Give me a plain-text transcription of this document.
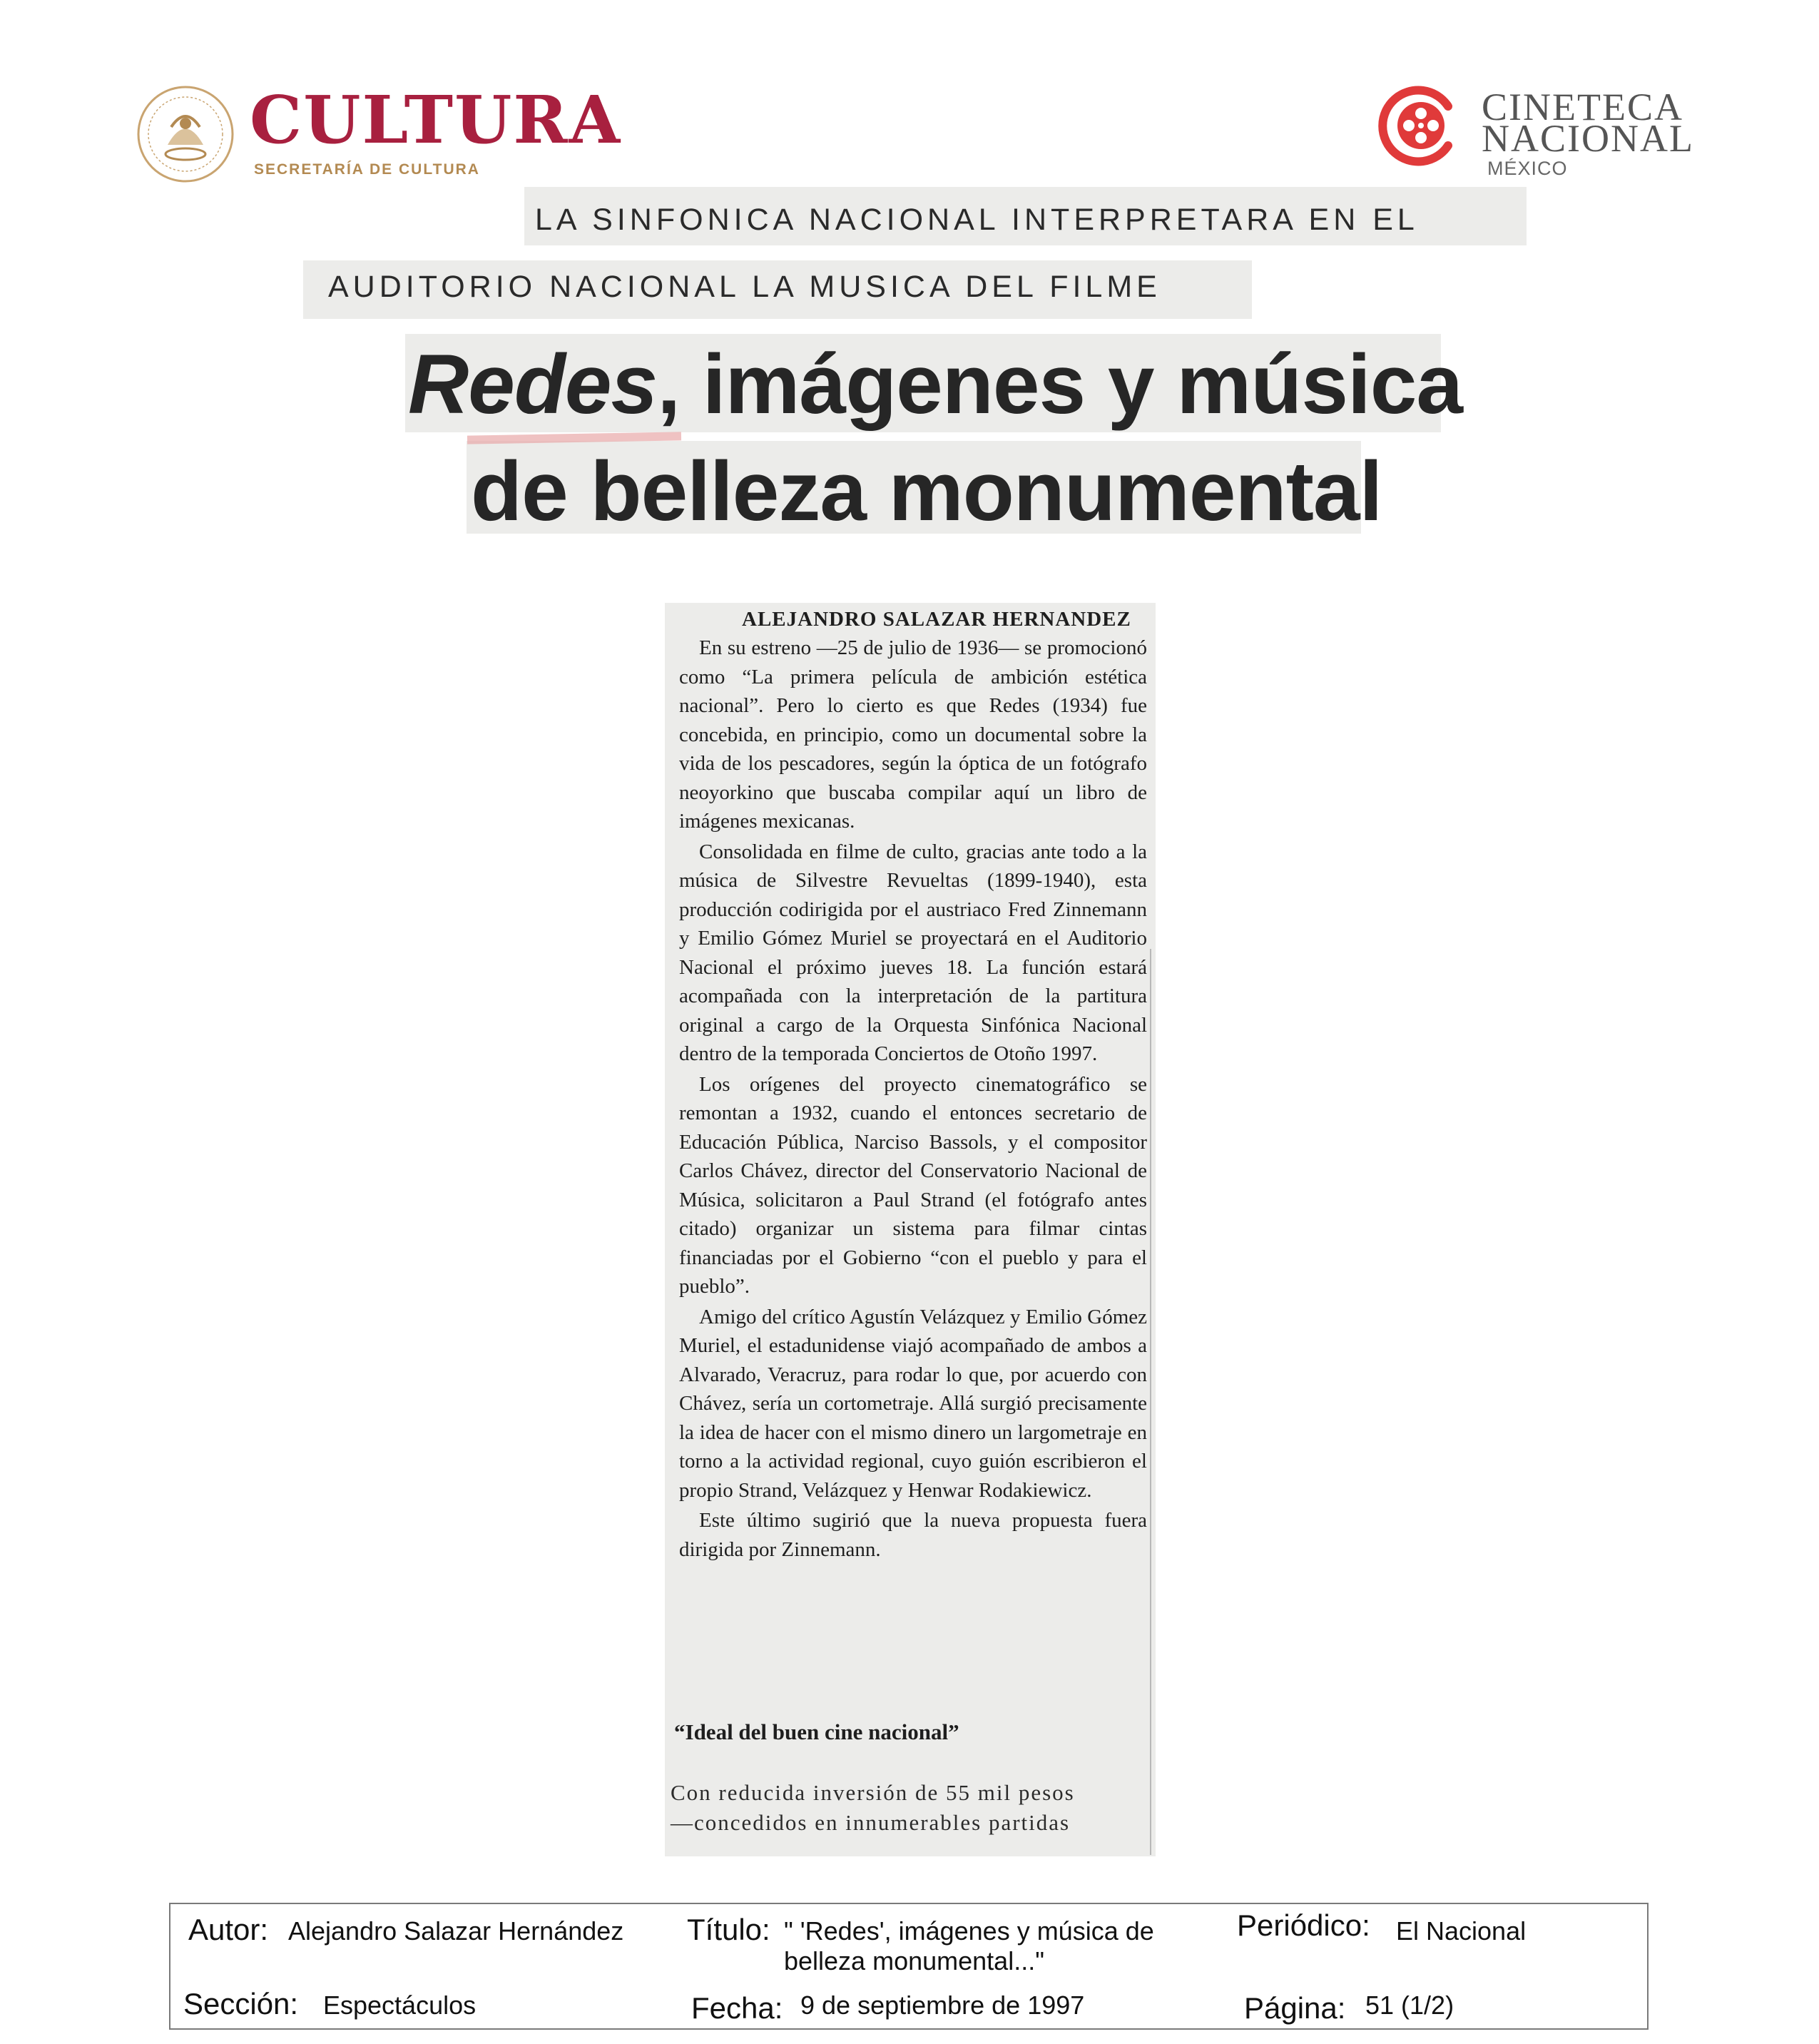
CULTURA
SECRETARÍA DE CULTURA
CINETECA
NACIONAL
MÉXICO
LA SINFONICA NACIONAL INTERPRETARA EN EL
AUDITORIO NACIONAL LA MUSICA DEL FILME
Redes, imágenes y música
de belleza monumental
ALEJANDRO SALAZAR HERNANDEZ

En su estreno —25 de julio de 1936— se promocionó como “La primera película de ambición estética nacional”. Pero lo cierto es que Redes (1934) fue concebida, en principio, como un documental sobre la vida de los pescadores, según la óptica de un fotógrafo neoyorkino que buscaba compilar aquí un libro de imágenes mexicanas.

Consolidada en filme de culto, gracias ante todo a la música de Silvestre Revueltas (1899-1940), esta producción codirigida por el austriaco Fred Zinnemann y Emilio Gómez Muriel se proyectará en el Auditorio Nacional el próximo jueves 18. La función estará acompañada con la interpretación de la partitura original a cargo de la Orquesta Sinfónica Nacional dentro de la temporada Conciertos de Otoño 1997.

Los orígenes del proyecto cinematográfico se remontan a 1932, cuando el entonces secretario de Educación Pública, Narciso Bassols, y el compositor Carlos Chávez, director del Conservatorio Nacional de Música, solicitaron a Paul Strand (el fotógrafo antes citado) organizar un sistema para filmar cintas financiadas por el Gobierno “con el pueblo y para el pueblo”.

Amigo del crítico Agustín Velázquez y Emilio Gómez Muriel, el estadunidense viajó acompañado de ambos a Alvarado, Veracruz, para rodar lo que, por acuerdo con Chávez, sería un cortometraje. Allá surgió precisamente la idea de hacer con el mismo dinero un largometraje en torno a la actividad regional, cuyo guión escribieron el propio Strand, Velázquez y Henwar Rodakiewicz.

Este último sugirió que la nueva propuesta fuera dirigida por Zinnemann.

“Ideal del buen cine nacional”
Con reducida inversión de 55 mil pesos
—concedidos en innumerables partidas
Autor: Alejandro Salazar Hernández Título: " 'Redes', imágenes y música de
belleza monumental..."
Periódico: El Nacional
Sección: Espectáculos	Fecha: 9 de septiembre de 1997	Página: 51 (1/2)
